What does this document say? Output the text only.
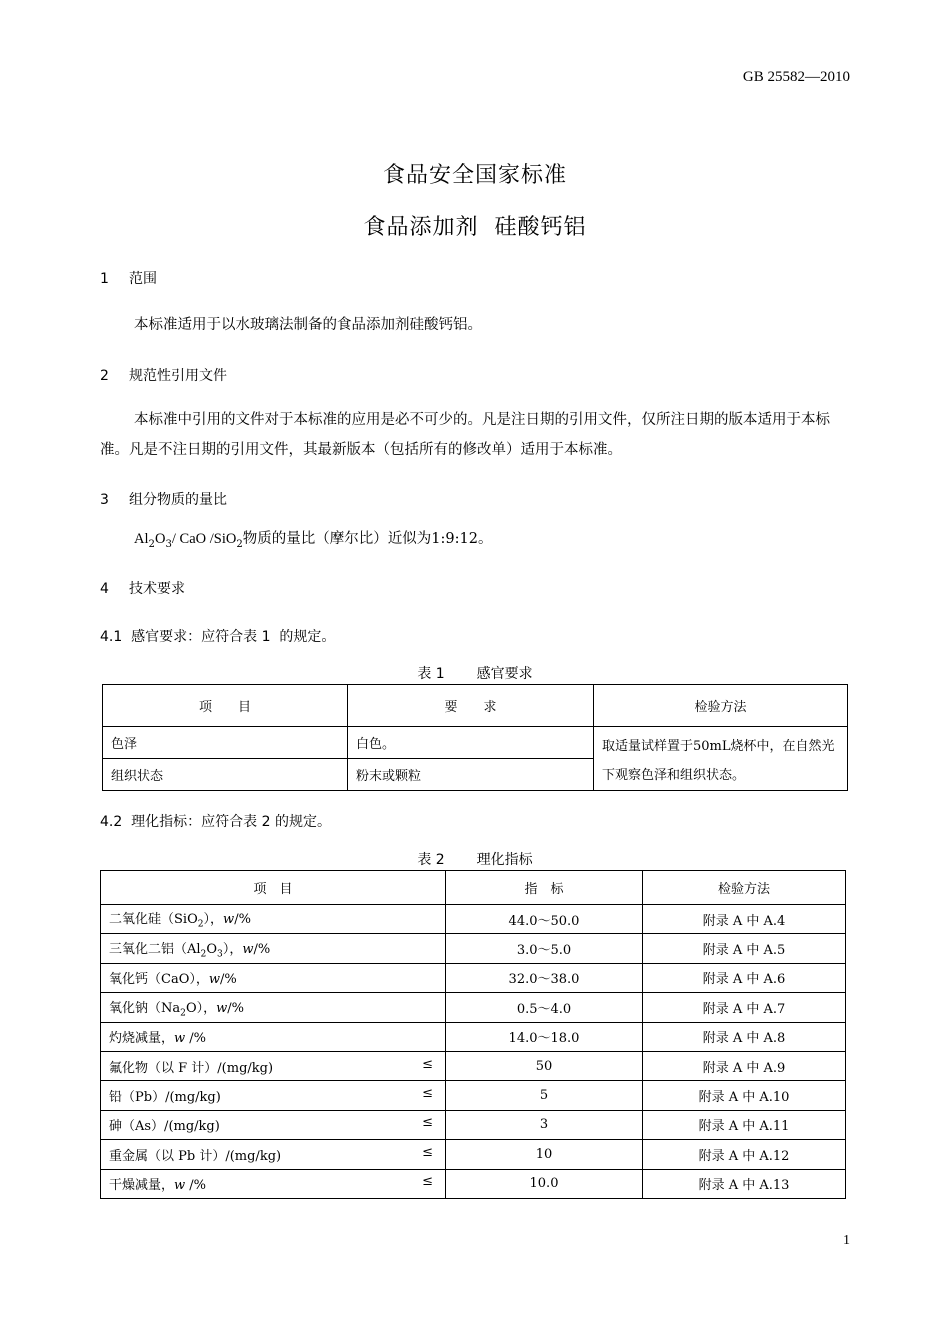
GB 25582—2010
食品安全国家标准
食品添加剂  硅酸钙铝
1 范围
本标准适用于以水玻璃法制备的食品添加剂硅酸钙铝。
2 规范性引用文件
本标准中引用的文件对于本标准的应用是必不可少的。凡是注日期的引用文件，仅所注日期的版本适用于本标准。凡是不注日期的引用文件，其最新版本（包括所有的修改单）适用于本标准。
3 组分物质的量比
$Al_2O_3/$ CaO /SiO$_2$物质的量比（摩尔比）近似为1:9:12。
4 技术要求
4.1  感官要求：应符合表 1  的规定。
表 1 感官要求
项　　目	要　　求	检验方法
色泽	白色。	取适量试样置于50mL烧杯中，在自然光下观察色泽和组织状态。
组织状态	粉末或颗粒	
4.2  理化指标：应符合表 2 的规定。
表 2 理化指标
项　目	指　标	检验方法
二氧化硅（SiO$_2$），w/%	44.0～50.0	附录 A 中 A.4
三氧化二铝$(Al_2O_3)$，w/%	3.0～5.0	附录 A 中 A.5
氧化钙（CaO），w/%	32.0～38.0	附录 A 中 A.6
氧化钠$(Na_2O)$，w/%	0.5～4.0	附录 A 中 A.7
灼烧减量，w /%	14.0～18.0	附录 A 中 A.8
氟化物（以 F 计）/(mg/kg) ≤	50	附录 A 中 A.9
铅（Pb）/(mg/kg) ≤	5	附录 A 中 A.10
砷（As）/(mg/kg) ≤	3	附录 A 中 A.11
重金属（以 Pb 计）/(mg/kg) ≤	10	附录 A 中 A.12
干燥减量，w /% ≤	10.0	附录 A 中 A.13
1
